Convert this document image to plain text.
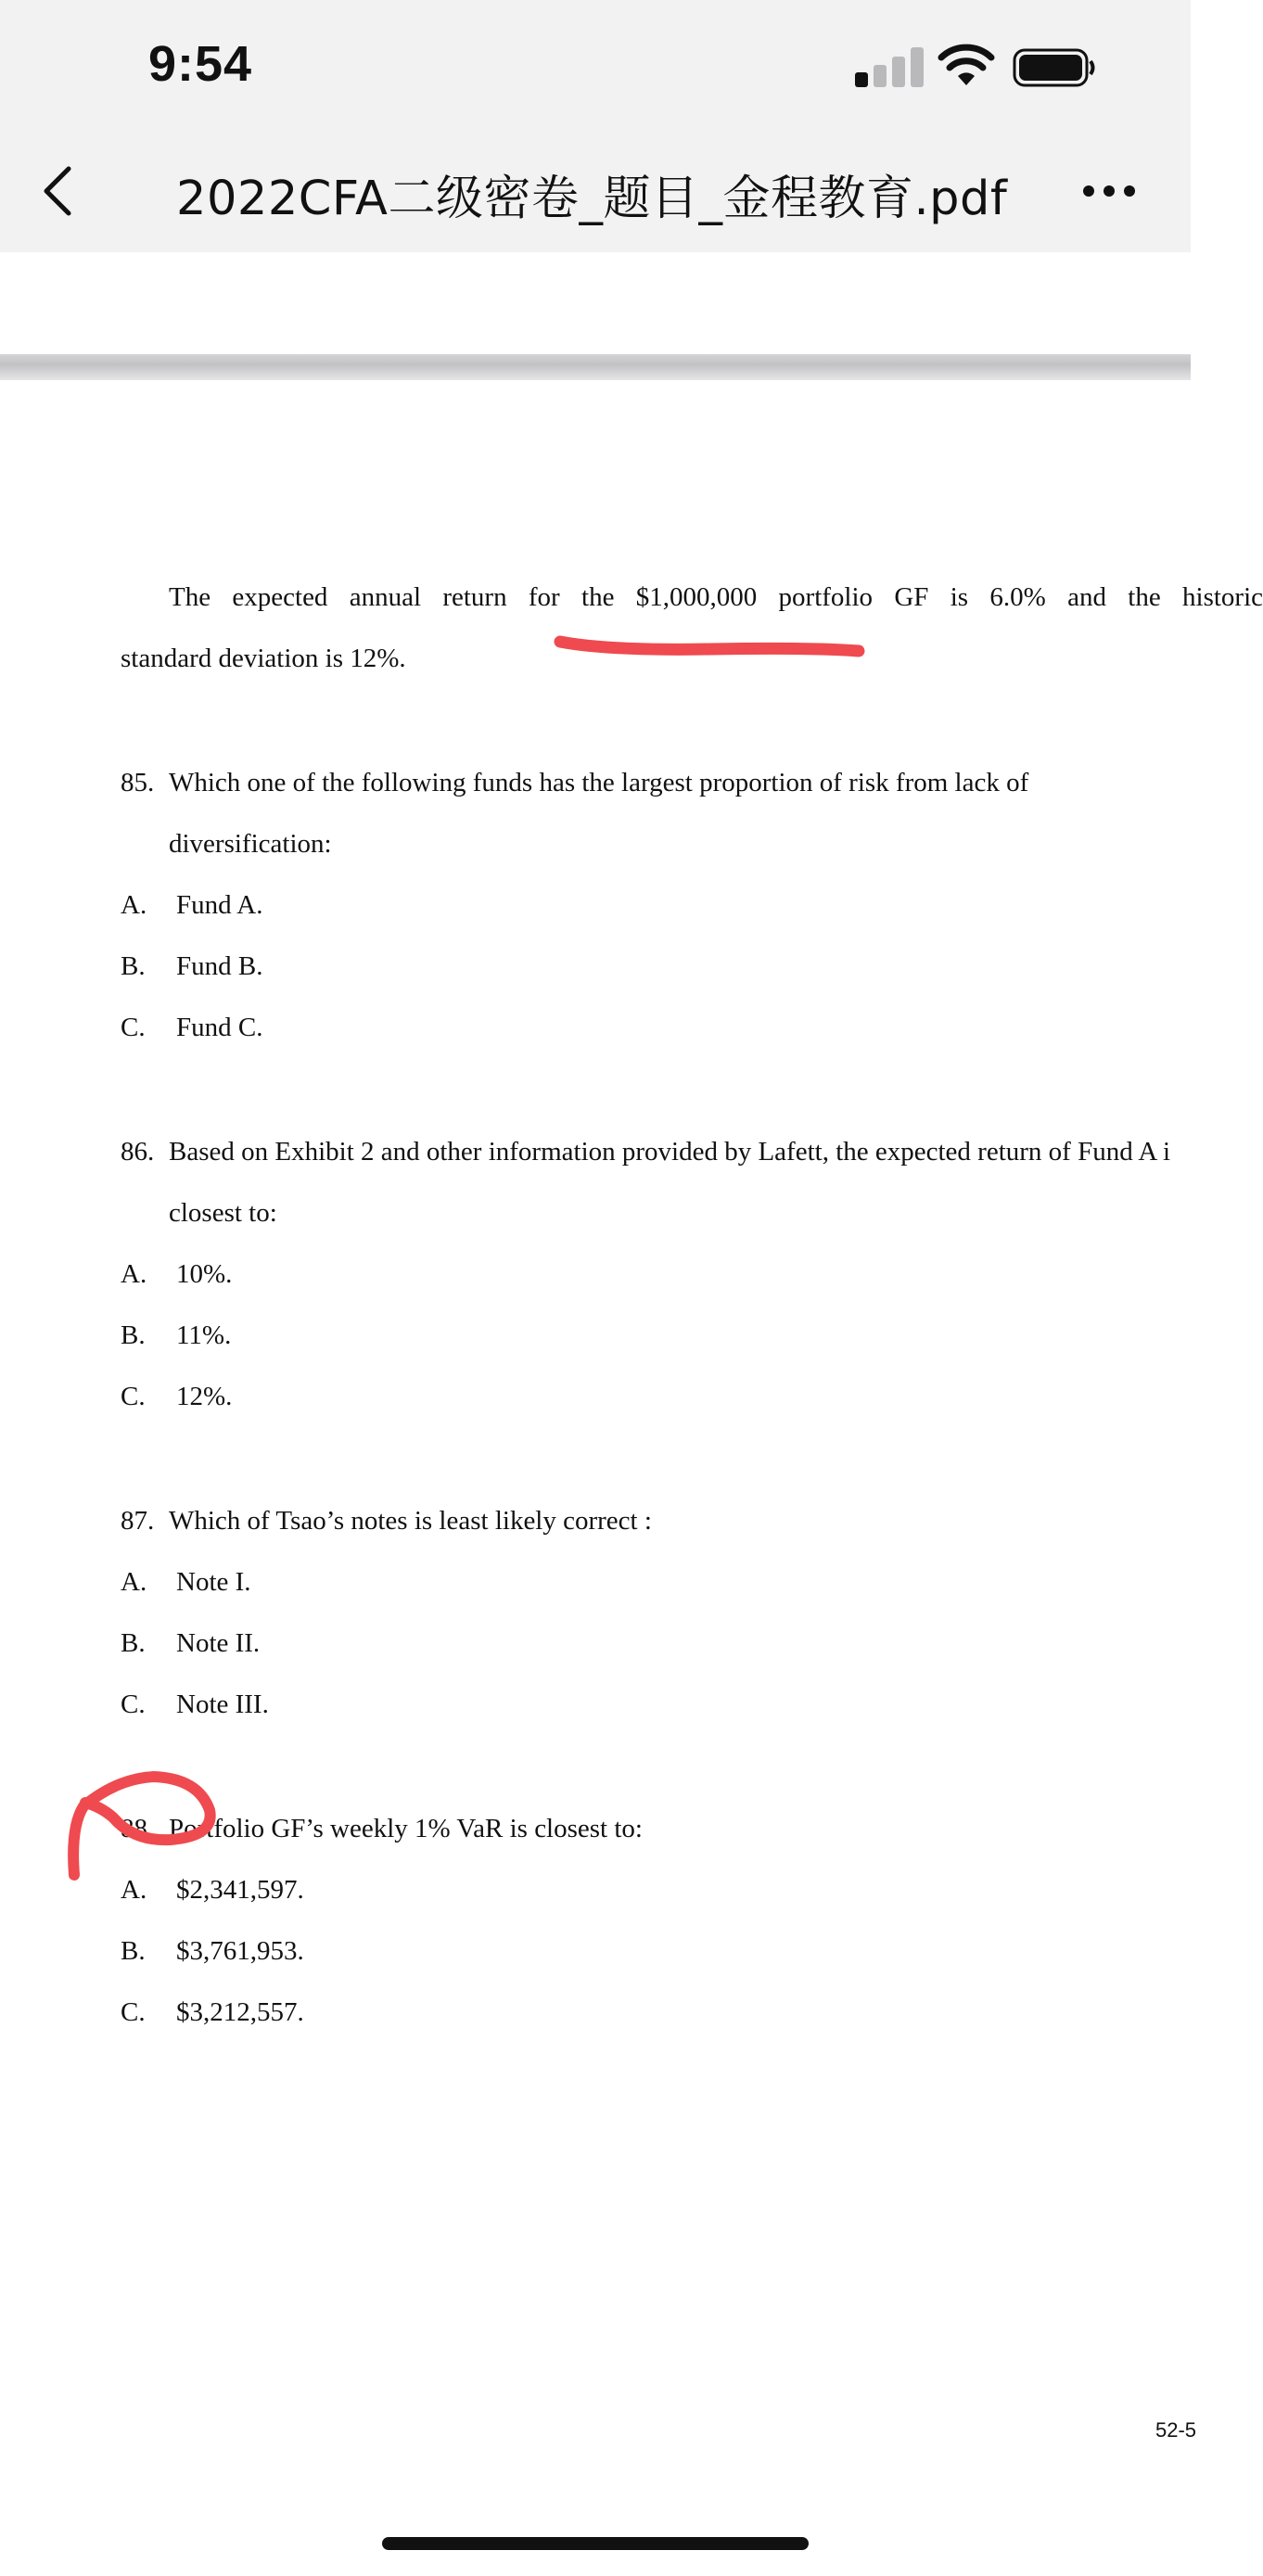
9:54
2022CFA二级密卷_题目_金程教育.pdf
The expected annual return for the $1,000,000 portfolio GF is 6.0% and the historic
standard deviation is 12%.
85. Which one of the following funds has the largest proportion of risk from lack of
diversification:
A. Fund A.
B. Fund B.
C. Fund C.
86. Based on Exhibit 2 and other information provided by Lafett, the expected return of Fund A i
closest to:
A. 10%.
B. 11%.
C. 12%.
87. Which of Tsao’s notes is least likely correct :
A. Note I.
B. Note II.
C. Note III.
88. Portfolio GF’s weekly 1% VaR is closest to:
A. $2,341,597.
B. $3,761,953.
C. $3,212,557.
52-5
